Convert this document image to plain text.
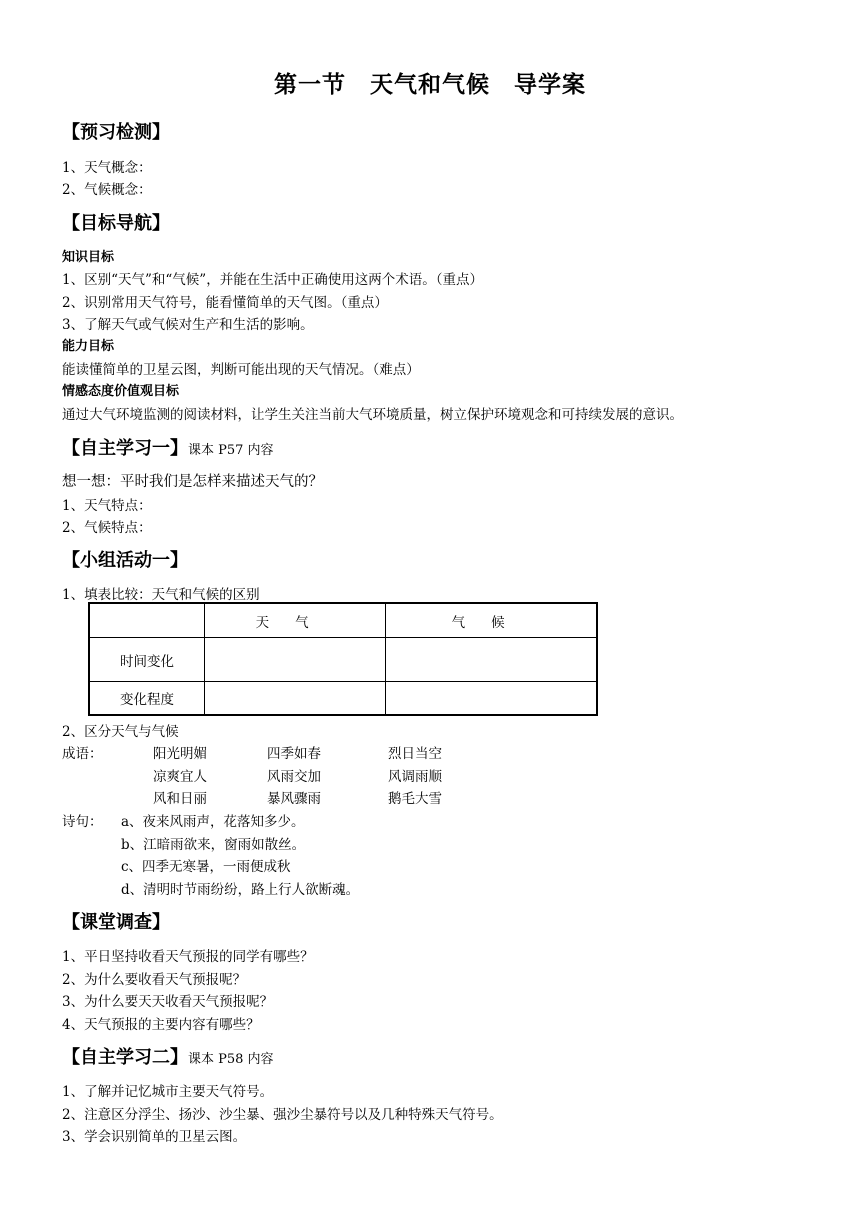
第一节　天气和气候　导学案
【预习检测】
1、天气概念：
2、气候概念：
【目标导航】
知识目标
1、区别“天气”和“气候”，并能在生活中正确使用这两个术语。（重点）
2、识别常用天气符号，能看懂简单的天气图。（重点）
3、了解天气或气候对生产和生活的影响。
能力目标
能读懂简单的卫星云图，判断可能出现的天气情况。（难点）
情感态度价值观目标
通过大气环境监测的阅读材料，让学生关注当前大气环境质量，树立保护环境观念和可持续发展的意识。
【自主学习一】课本 P57 内容
想一想：平时我们是怎样来描述天气的？
1、天气特点：
2、气候特点：
【小组活动一】
1、填表比较：天气和气候的区别
	天气	气候
时间变化		
变化程度		
2、区分天气与气候
成语：	阳光明媚	四季如春	烈日当空
凉爽宜人	风雨交加	风调雨顺
风和日丽	暴风骤雨	鹅毛大雪
诗句： a、夜来风雨声，花落知多少。
b、江暗雨欲来，窗雨如散丝。
c、四季无寒暑，一雨便成秋
d、清明时节雨纷纷，路上行人欲断魂。
【课堂调查】
1、平日坚持收看天气预报的同学有哪些？
2、为什么要收看天气预报呢？
3、为什么要天天收看天气预报呢？
4、天气预报的主要内容有哪些？
【自主学习二】课本 P58 内容
1、了解并记忆城市主要天气符号。
2、注意区分浮尘、扬沙、沙尘暴、强沙尘暴符号以及几种特殊天气符号。
3、学会识别简单的卫星云图。
